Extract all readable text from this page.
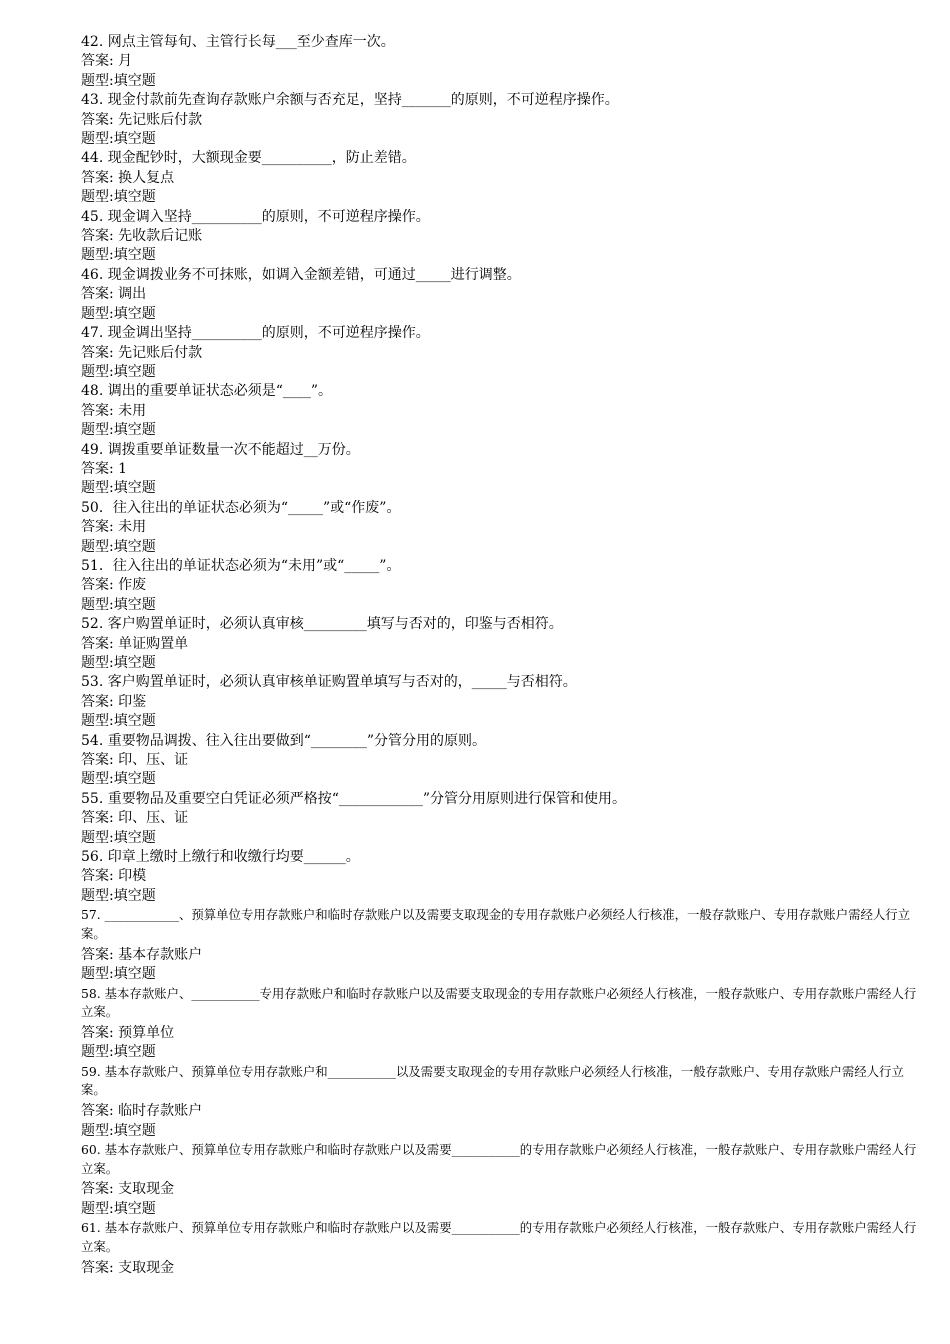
42. 网点主管每旬、主管行长每___至少查库一次。

答案: 月

题型:填空题

43. 现金付款前先查询存款账户余额与否充足，坚持_______的原则，不可逆程序操作。

答案: 先记账后付款

题型:填空题

44. 现金配钞时，大额现金要__________，防止差错。

答案: 换人复点

题型:填空题

45. 现金调入坚持__________的原则，不可逆程序操作。

答案: 先收款后记账

题型:填空题

46. 现金调拨业务不可抹账，如调入金额差错，可通过_____进行调整。

答案: 调出

题型:填空题

47. 现金调出坚持__________的原则，不可逆程序操作。

答案: 先记账后付款

题型:填空题

48. 调出的重要单证状态必须是“____”。

答案: 未用

题型:填空题

49. 调拨重要单证数量一次不能超过__万份。

答案: 1

题型:填空题

50．往入往出的单证状态必须为“_____”或“作废”。

答案: 未用

题型:填空题

51．往入往出的单证状态必须为“未用”或“_____”。

答案: 作废

题型:填空题

52. 客户购置单证时，必须认真审核_________填写与否对的，印鉴与否相符。

答案: 单证购置单

题型:填空题

53. 客户购置单证时，必须认真审核单证购置单填写与否对的，_____与否相符。

答案: 印鉴

题型:填空题

54. 重要物品调拨、往入往出要做到“________”分管分用的原则。

答案: 印、压、证

题型:填空题

55. 重要物品及重要空白凭证必须严格按“____________”分管分用原则进行保管和使用。

答案: 印、压、证

题型:填空题

56. 印章上缴时上缴行和收缴行均要______。

答案: 印模

题型:填空题

57. ____________、预算单位专用存款账户和临时存款账户以及需要支取现金的专用存款账户必须经人行核准，一般存款账户、专用存款账户需经人行立案。

答案: 基本存款账户

题型:填空题

58. 基本存款账户、___________专用存款账户和临时存款账户以及需要支取现金的专用存款账户必须经人行核准，一般存款账户、专用存款账户需经人行立案。

答案: 预算单位

题型:填空题

59. 基本存款账户、预算单位专用存款账户和___________以及需要支取现金的专用存款账户必须经人行核准，一般存款账户、专用存款账户需经人行立案。

答案: 临时存款账户

题型:填空题

60. 基本存款账户、预算单位专用存款账户和临时存款账户以及需要___________的专用存款账户必须经人行核准，一般存款账户、专用存款账户需经人行立案。

答案: 支取现金

题型:填空题

61. 基本存款账户、预算单位专用存款账户和临时存款账户以及需要___________的专用存款账户必须经人行核准，一般存款账户、专用存款账户需经人行立案。

答案: 支取现金
